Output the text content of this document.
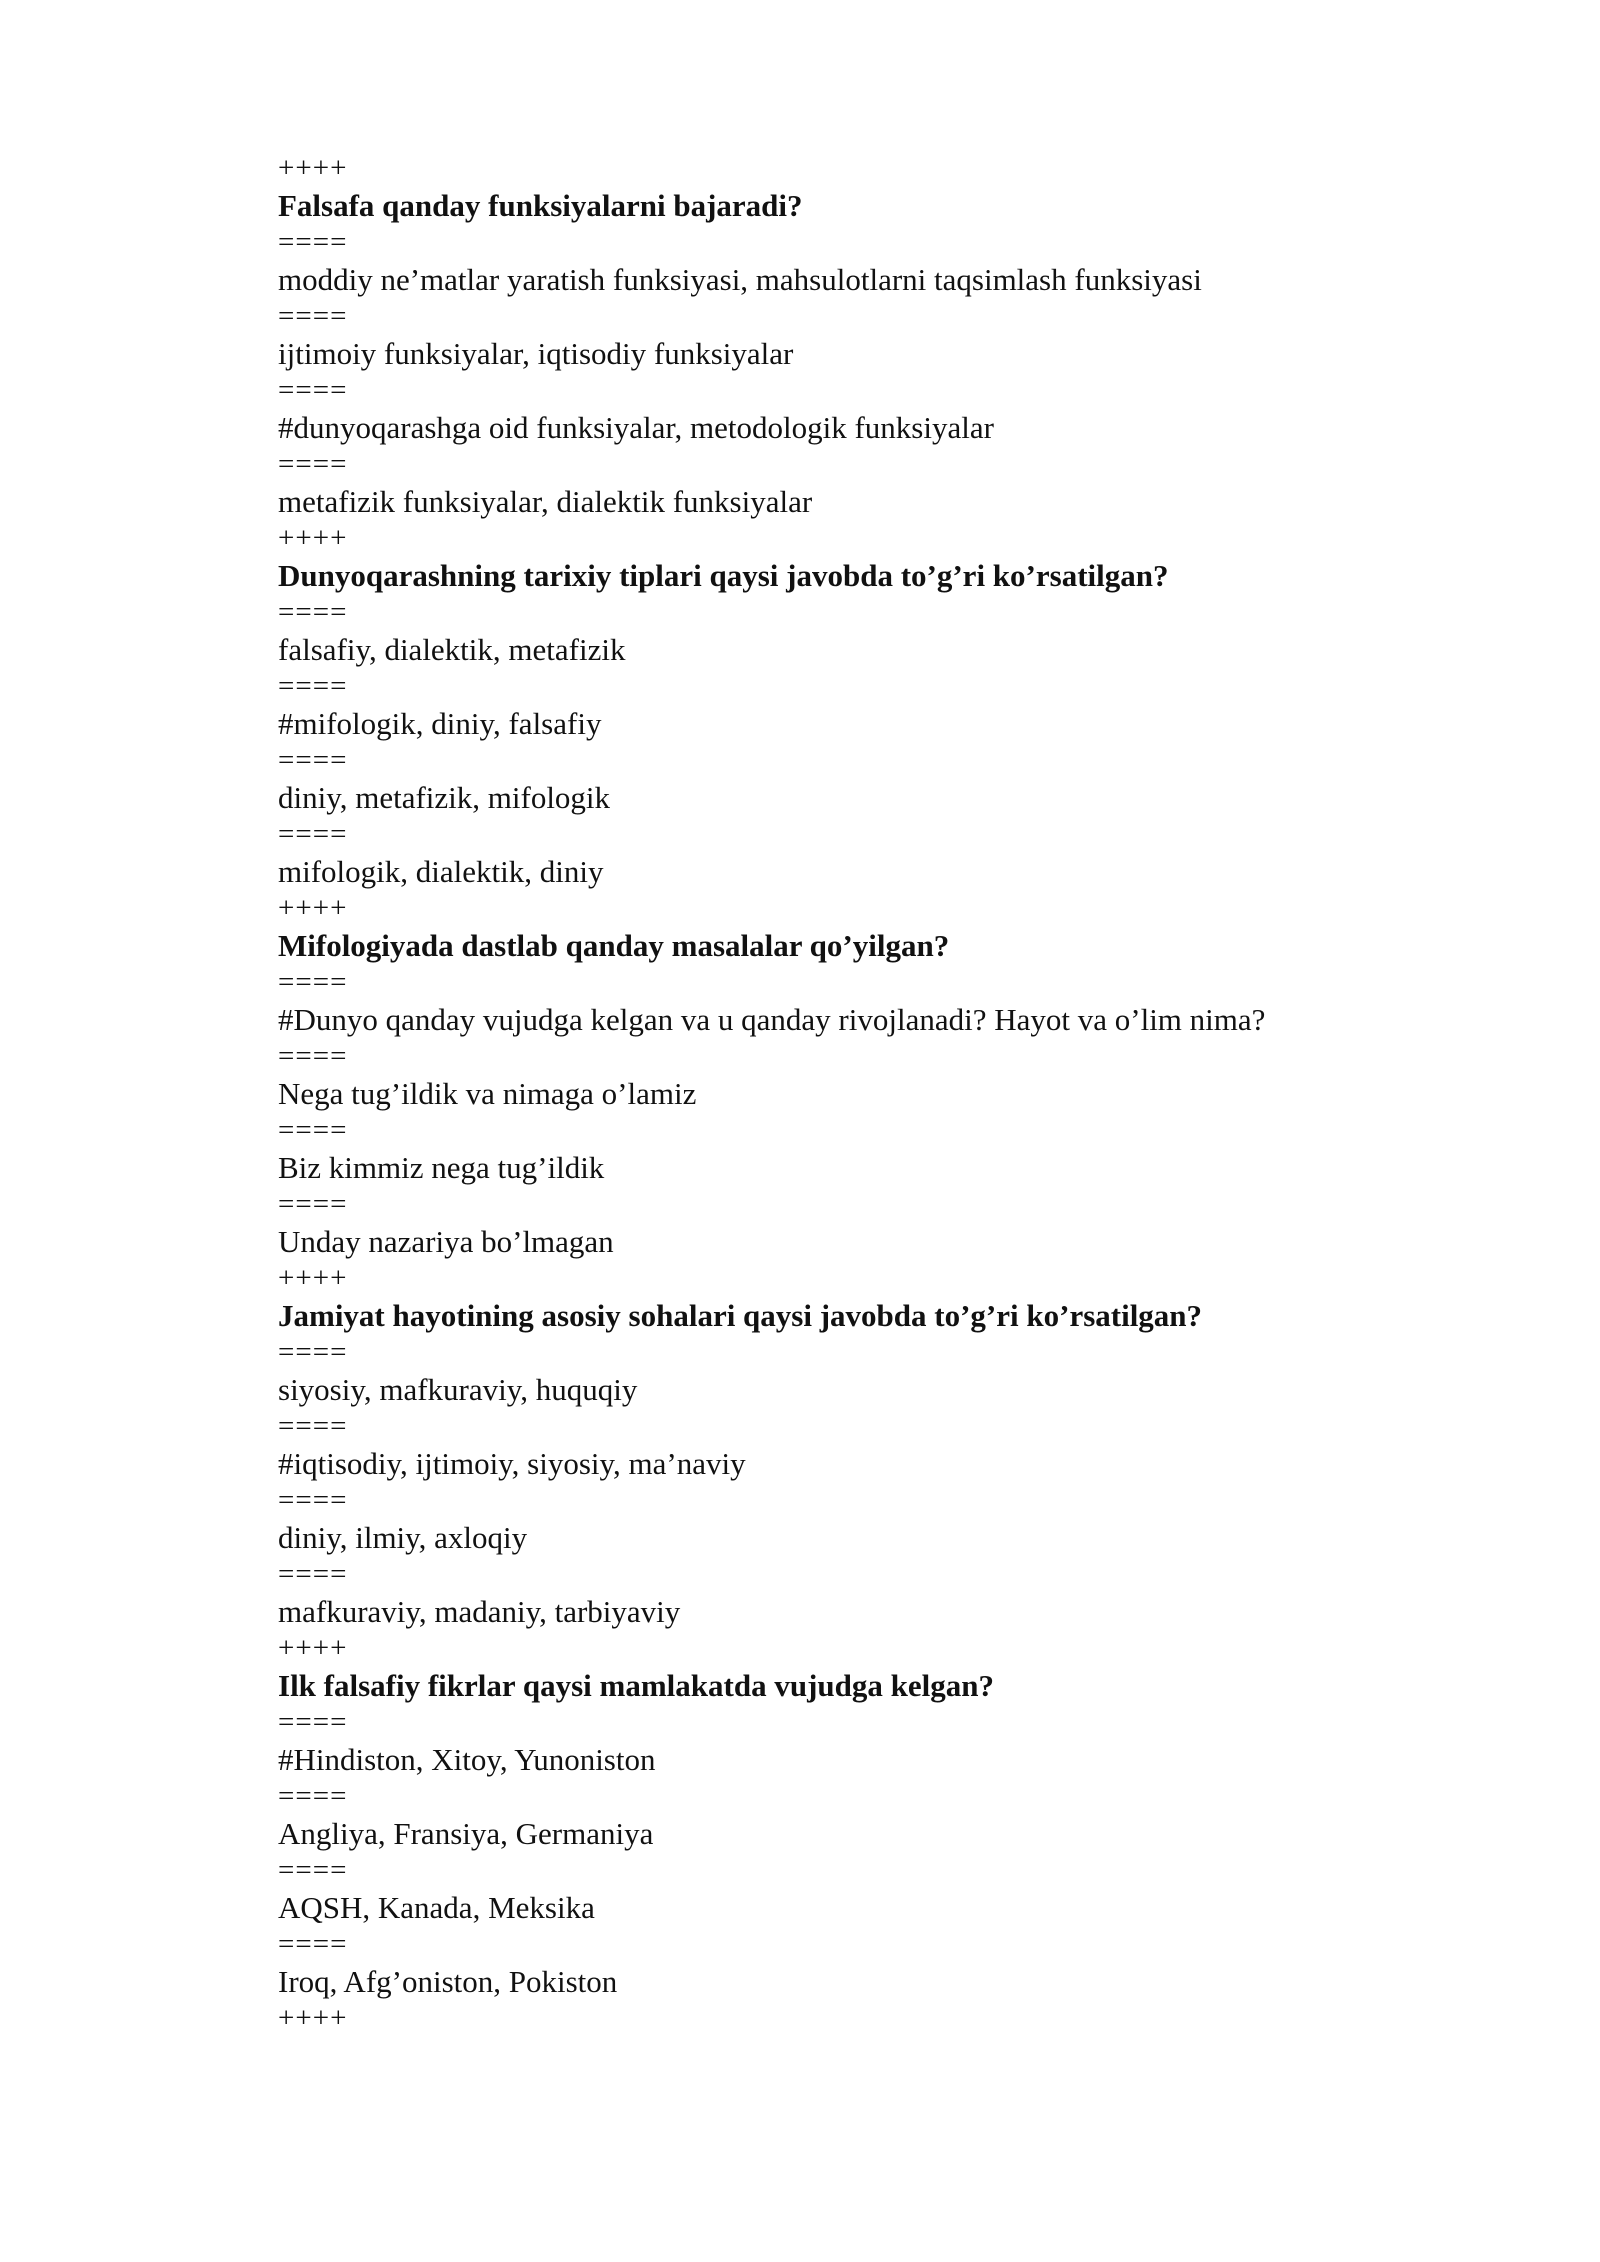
++++
Falsafa qanday funksiyalarni bajaradi?
====
moddiy ne’matlar yaratish funksiyasi, mahsulotlarni taqsimlash funksiyasi
====
ijtimoiy funksiyalar, iqtisodiy funksiyalar
====
#dunyoqarashga oid funksiyalar, metodologik funksiyalar
====
metafizik funksiyalar, dialektik funksiyalar
++++
Dunyoqarashning tarixiy tiplari qaysi javobda to’g’ri ko’rsatilgan?
====
falsafiy, dialektik, metafizik
====
#mifologik, diniy, falsafiy
====
diniy, metafizik, mifologik
====
mifologik, dialektik, diniy
++++
Mifologiyada dastlab qanday masalalar qo’yilgan?
====
#Dunyo qanday vujudga kelgan va u qanday rivojlanadi? Hayot va o’lim nima?
====
Nega tug’ildik va nimaga o’lamiz
====
Biz kimmiz nega tug’ildik
====
Unday nazariya bo’lmagan
++++
Jamiyat hayotining asosiy sohalari qaysi javobda to’g’ri ko’rsatilgan?
====
siyosiy, mafkuraviy, huquqiy
====
#iqtisodiy, ijtimoiy, siyosiy, ma’naviy
====
diniy, ilmiy, axloqiy
====
mafkuraviy, madaniy, tarbiyaviy
++++
Ilk falsafiy fikrlar qaysi mamlakatda vujudga kelgan?
====
#Hindiston, Xitoy, Yunoniston
====
Angliya, Fransiya, Germaniya
====
AQSH, Kanada, Meksika
====
Iroq, Afg’oniston, Pokiston
++++
